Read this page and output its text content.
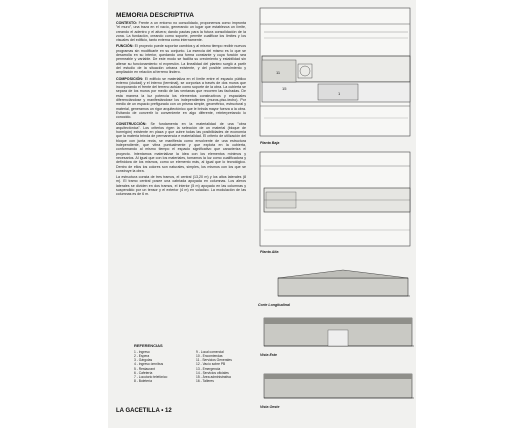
MEMORIA DESCRIPTIVA

CONTEXTO: Frente a un entorno no consolidado, proponemos como impronta "el muro", una traza en el vacío, generando un lugar que establezca un límite, creando el adentro y el afuera; dando pautas para la futura consolidación de la zona. La fundación, creando como soporte, permite cualificar los límites y los visuales del edificio, tanto externa como internamente.

FUNCIÓN: El proyecto puede soportar cambios y al mismo tiempo recibir nuevos programas sin modificarle en su conjunto. La esencia del mismo es lo que se desarrolla en su interior, quedando una forma constante y cuya función sea permeable y variable. De este modo se facilita su crecimiento y estabilidad sin alterar su funcionamiento ni expresión. La linealidad del planteo surgió a partir del estudio de la situación urbana existente, y del posible crecimiento y ampliación en relación al terreno lindero.

COMPOSICIÓN: El edificio se materializa en el límite entre el espacio público externo (ciudad) y el interno (terminal), se corporiza a través de dos muros que incorporando el frente del terreno actúan como soporte de la obra. La cubierta se separa de los muros por medio de las ventanas que recorren las fachadas. De esta manera la luz potencia los elementos constructivos y espaciales diferenciándose y manifestándose los independientes (muros-piso-techo). Por medio de un espacio prefigurado con un prisma simple, geométrico, estructural y material, generamos un rigor arquitectónico que le brinda mayor fuerza a la obra. Evitando de convertir lo conveniente en algo diferente, reinterpretando lo conocido.

CONSTRUCCIÓN: Se fundamenta en la materialidad de una "obra arquitectónica". Los criterios rigen la selección de un material (bloque de hormigón) existente en plaza y que cubre todas las posibilidades de economía que la materia brinda de permanencia e materialidad. El criterio de utilización del bloque con junta recta, se manifiesta como envolvente de una estructura independiente, que vibra puntualmente y que explota en la cubierta, conformando al mismo tiempo el espacio significativo que caracteriza el proyecto. Intentamos materializar la idea con los elementos mínimos y necesarios. Al igual que con los materiales, tomamos la luz como cualificadora y definidora de los mismos, como un elemento más, al igual que lo tecnológico. Dentro de ellos los colores son naturales, simples, los mismos con los que se construye la obra.

La estructura consta de tres tramos, el central (13,20 m) y los altos laterales (8 m). El tramo central posee una cabriada apoyada en columnas. Los aleros laterales se dividen en dos tramos, el interior (5 m) apoyado en las columnas y suspendido por un tensor y el exterior (4 m) en voladizo. La modulación de las columnas es de 6 m.

REFERENCIAS
1 - Ingreso
2 - Espera
3 - Gárgolas
4 - Ingreso ómnibus
5 - Restaurant
6 - Cafetería
7 - Locutorio telefónico
8 - Boletería
9 - Local comercial
10 - Encomiendas
11 - Servicios Generales
12 - Vacío sobre PB
13 - Emergencia
14 - Servicios oficiales
15 - Área administrativa
16 - Talleres
LA GACETILLA • 12
11
1
15
Planta Baja
Planta Alta
Corte Longitudinal
Vista Este
Vista Oeste
